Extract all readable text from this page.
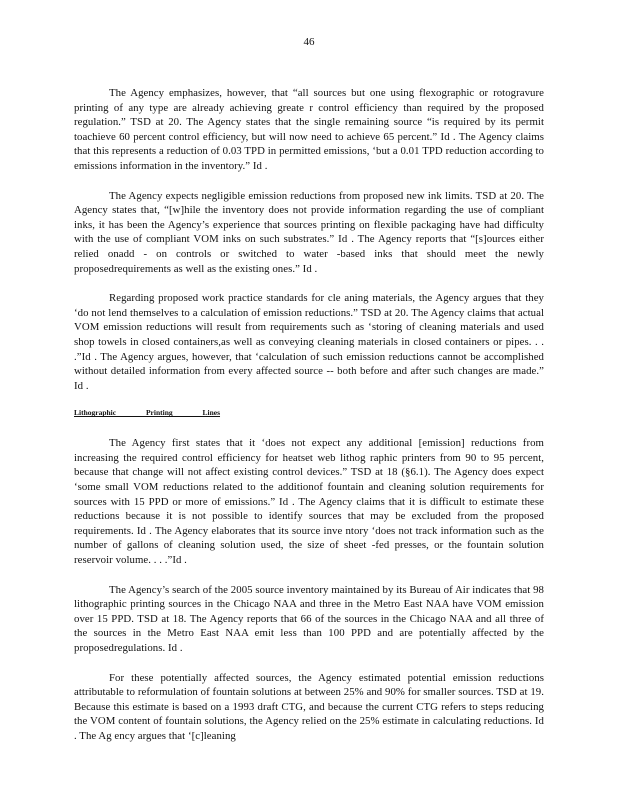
46

The Agency emphasizes, however, that “all sources but one using flexographic or rotogravure printing of any type are already achieving greate r control efficiency than required by the proposed regulation.” TSD at 20. The Agency states that the single remaining source “is required by its permit toachieve 60 percent control efficiency, but will now need to achieve 65 percent.” Id . The Agency claims that this represents a reduction of 0.03 TPD in permitted emissions, ‘but a 0.01 TPD reduction according to emissions information in the inventory.” Id .

The Agency expects negligible emission reductions from proposed new ink limits. TSD at 20. The Agency states that, “[w]hile the inventory does not provide information regarding the use of compliant inks, it has been the Agency’s experience that sources printing on flexible packaging have had difficulty with the use of compliant VOM inks on such substrates.” Id . The Agency reports that “[s]ources either relied onadd - on controls or switched to water -based inks that should meet the newly proposedrequirements as well as the existing ones.” Id .

Regarding proposed work practice standards for cle aning materials, the Agency argues that they ‘do not lend themselves to a calculation of emission reductions.” TSD at 20. The Agency claims that actual VOM emission reductions will result from requirements such as ‘storing of cleaning materials and used shop towels in closed containers,as well as conveying cleaning materials in closed containers or pipes. . . .”Id . The Agency argues, however, that ‘calculation of such emission reductions cannot be accomplished without detailed information from every affected source -- both before and after such changes are made.” Id .

Lithographic Printing Lines

The Agency first states that it ‘does not expect any additional [emission] reductions from increasing the required control efficiency for heatset web lithog raphic printers from 90 to 95 percent, because that change will not affect existing control devices.” TSD at 18 (§6.1). The Agency does expect ‘some small VOM reductions related to the additionof fountain and cleaning solution requirements for sources with 15 PPD or more of emissions.” Id . The Agency claims that it is difficult to estimate these reductions because it is not possible to identify sources that may be excluded from the proposed requirements. Id . The Agency elaborates that its source inve ntory ‘does not track information such as the number of gallons of cleaning solution used, the size of sheet -fed presses, or the fountain solution reservoir volume. . . .”Id .

The Agency’s search of the 2005 source inventory maintained by its Bureau of Air indicates that 98 lithographic printing sources in the Chicago NAA and three in the Metro East NAA have VOM emission over 15 PPD. TSD at 18. The Agency reports that 66 of the sources in the Chicago NAA and all three of the sources in the Metro East NAA emit less than 100 PPD and are potentially affected by the proposedregulations. Id .

For these potentially affected sources, the Agency estimated potential emission reductions attributable to reformulation of fountain solutions at between 25% and 90% for smaller sources. TSD at 19. Because this estimate is based on a 1993 draft CTG, and because the current CTG refers to steps reducing the VOM content of fountain solutions, the Agency relied on the 25% estimate in calculating reductions. Id . The Ag ency argues that ‘[c]leaning
